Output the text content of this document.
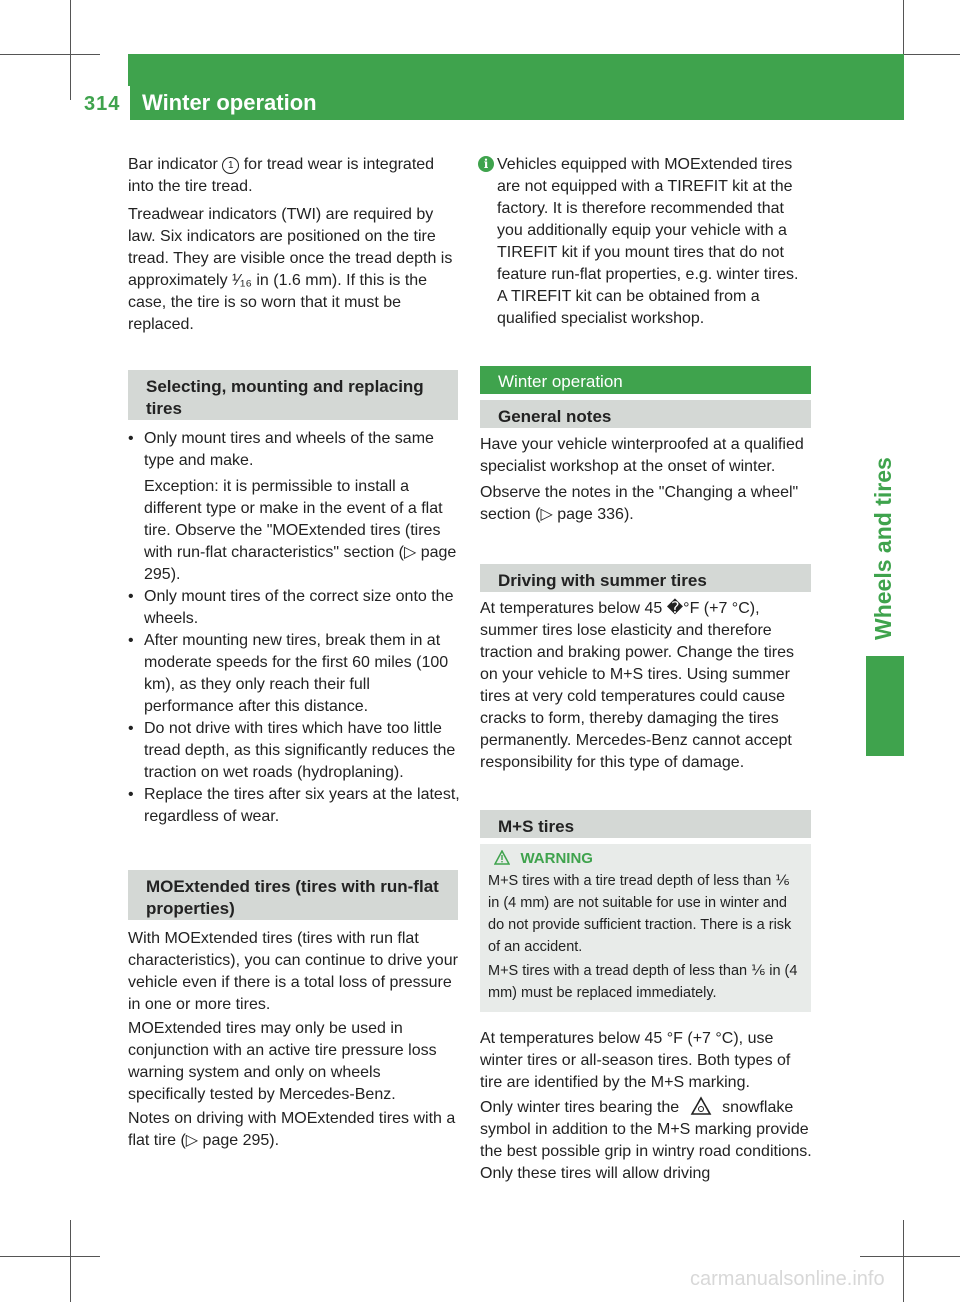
314 Winter operation
Wheels and tires

Bar indicator 1 for tread wear is integrated into the tire tread.

Treadwear indicators (TWI) are required by law. Six indicators are positioned on the tire tread. They are visible once the tread depth is approximately ¹⁄₁₆ in (1.6 mm). If this is the case, the tire is so worn that it must be replaced.

Selecting, mounting and replacing tires
• Only mount tires and wheels of the same type and make.
Exception: it is permissible to install a different type or make in the event of a flat tire. Observe the "MOExtended tires (tires with run-flat characteristics" section (▷ page 295).
• Only mount tires of the correct size onto the wheels.
• After mounting new tires, break them in at moderate speeds for the first 60 miles (100 km), as they only reach their full performance after this distance.
• Do not drive with tires which have too little tread depth, as this significantly reduces the traction on wet roads (hydroplaning).
• Replace the tires after six years at the latest, regardless of wear.
MOExtended tires (tires with run-flat properties)

With MOExtended tires (tires with run flat characteristics), you can continue to drive your vehicle even if there is a total loss of pressure in one or more tires.

MOExtended tires may only be used in conjunction with an active tire pressure loss warning system and only on wheels specifically tested by Mercedes-Benz.

Notes on driving with MOExtended tires with a flat tire (▷ page 295).

i Vehicles equipped with MOExtended tires are not equipped with a TIREFIT kit at the factory. It is therefore recommended that you additionally equip your vehicle with a TIREFIT kit if you mount tires that do not feature run-flat properties, e.g. winter tires. A TIREFIT kit can be obtained from a qualified specialist workshop.

Winter operation
General notes

Have your vehicle winterproofed at a qualified specialist workshop at the onset of winter.

Observe the notes in the "Changing a wheel" section (▷ page 336).

Driving with summer tires

At temperatures below 45 �°F (+7 ‌°C), summer tires lose elasticity and therefore traction and braking power. Change the tires on your vehicle to M+S tires. Using summer tires at very cold temperatures could cause cracks to form, thereby damaging the tires permanently. Mercedes-Benz cannot accept responsibility for this type of damage.

M+S tires
WARNING

M+S tires with a tire tread depth of less than ⅙ in (4 mm) are not suitable for use in winter and do not provide sufficient traction. There is a risk of an accident.

M+S tires with a tread depth of less than ⅙ in (4 mm) must be replaced immediately.

At temperatures below 45 ‌°F (+7 ‌°C), use winter tires or all-season tires. Both types of tire are identified by the M+S marking.

Only winter tires bearing the	snowflake symbol in addition to the M+S marking provide the best possible grip in wintry road conditions. Only these tires will allow driving

carmanualsonline.info
